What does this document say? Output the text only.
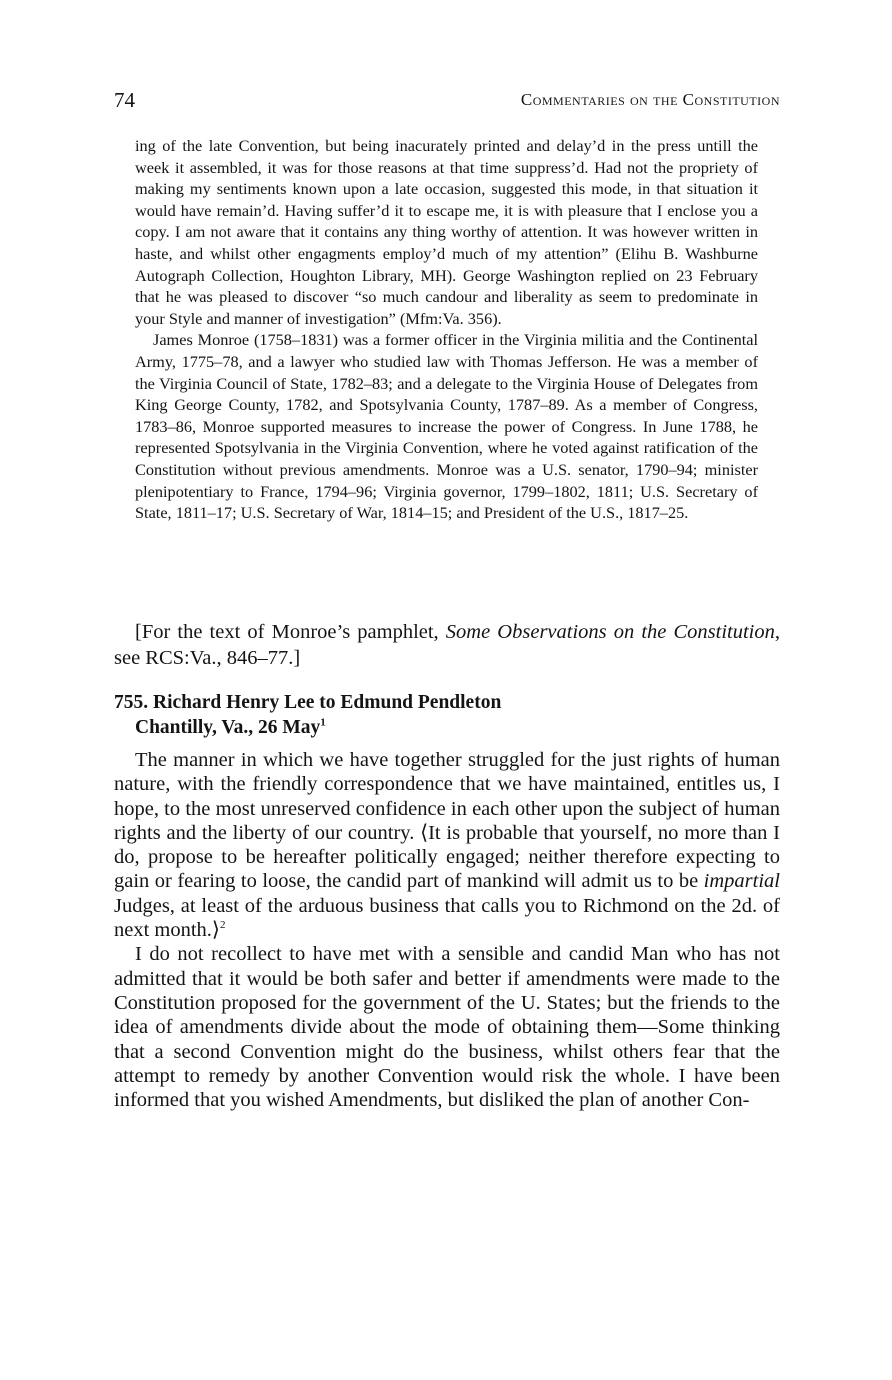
74	Commentaries on the Constitution

ing of the late Convention, but being inacurately printed and delay’d in the press untill the week it assembled, it was for those reasons at that time suppress’d. Had not the propriety of making my sentiments known upon a late occasion, suggested this mode, in that situation it would have remain’d. Having suffer’d it to escape me, it is with pleasure that I enclose you a copy. I am not aware that it contains any thing worthy of attention. It was however written in haste, and whilst other engagments employ’d much of my attention” (Elihu B. Washburne Autograph Collection, Houghton Library, MH). George Washington replied on 23 February that he was pleased to discover “so much candour and liberality as seem to predominate in your Style and manner of investigation” (Mfm:Va. 356).

James Monroe (1758–1831) was a former officer in the Virginia militia and the Continental Army, 1775–78, and a lawyer who studied law with Thomas Jefferson. He was a member of the Virginia Council of State, 1782–83; and a delegate to the Virginia House of Delegates from King George County, 1782, and Spotsylvania County, 1787–89. As a member of Congress, 1783–86, Monroe supported measures to increase the power of Congress. In June 1788, he represented Spotsylvania in the Virginia Convention, where he voted against ratification of the Constitution without previous amendments. Monroe was a U.S. senator, 1790–94; minister plenipotentiary to France, 1794–96; Virginia governor, 1799–1802, 1811; U.S. Secretary of State, 1811–17; U.S. Secretary of War, 1814–15; and President of the U.S., 1817–25.

[For the text of Monroe’s pamphlet, Some Observations on the Constitution, see RCS:Va., 846–77.]

755. Richard Henry Lee to Edmund Pendleton
Chantilly, Va., 26 May$^1$

The manner in which we have together struggled for the just rights of human nature, with the friendly correspondence that we have maintained, entitles us, I hope, to the most unreserved confidence in each other upon the subject of human rights and the liberty of our country. ⟨It is probable that yourself, no more than I do, propose to be hereafter politically engaged; neither therefore expecting to gain or fearing to loose, the candid part of mankind will admit us to be impartial Judges, at least of the arduous business that calls you to Richmond on the 2d. of next month.⟩$^2$

I do not recollect to have met with a sensible and candid Man who has not admitted that it would be both safer and better if amendments were made to the Constitution proposed for the government of the U. States; but the friends to the idea of amendments divide about the mode of obtaining them—Some thinking that a second Convention might do the business, whilst others fear that the attempt to remedy by another Convention would risk the whole. I have been informed that you wished Amendments, but disliked the plan of another Con-
